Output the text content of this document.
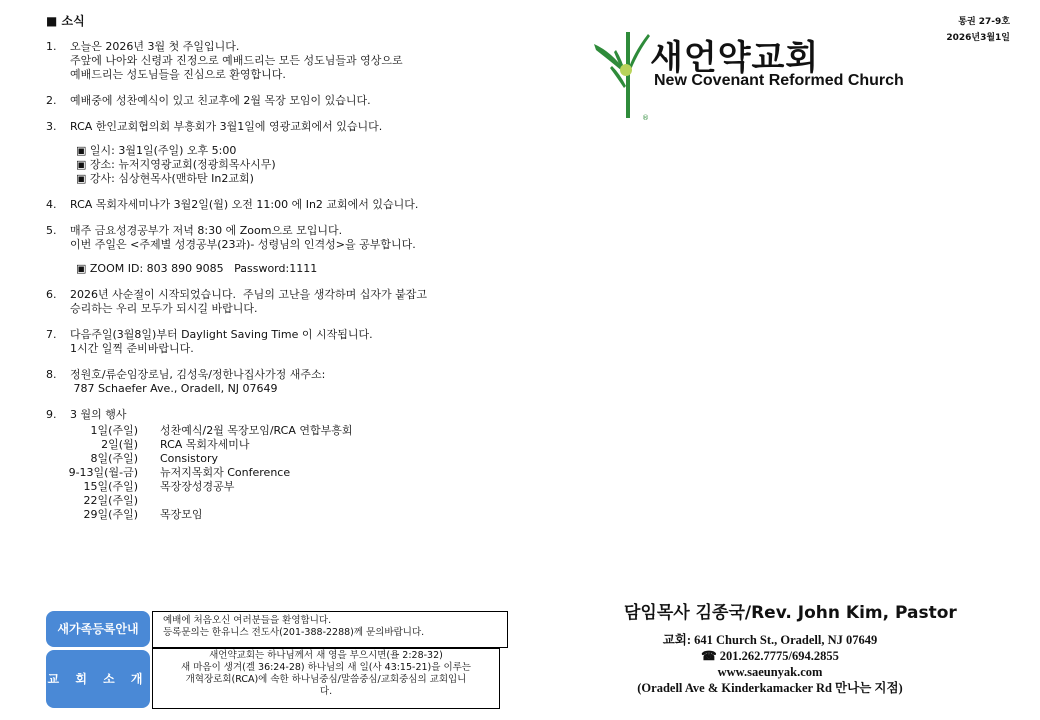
■ 소식
1.	오늘은 2026년 3월 첫 주일입니다.
주앞에 나아와 신령과 진정으로 예배드리는 모든 성도님들과 영상으로
예배드리는 성도님들을 진심으로 환영합니다.
2.	예배중에 성찬예식이 있고 친교후에 2월 목장 모임이 있습니다.
3.	RCA 한인교회협의회 부흥회가 3월1일에 영광교회에서 있습니다.
▣ 일시: 3월1일(주일) 오후 5:00
▣ 장소: 뉴저지영광교회(정광희목사시무)
▣ 강사: 심상현목사(맨하탄 In2교회)
4.	RCA 목회자세미나가 3월2일(월) 오전 11:00 에 In2 교회에서 있습니다.
5.	매주 금요성경공부가 저녁 8:30 에 Zoom으로 모입니다.
이번 주일은 <주제별 성경공부(23과)- 성령님의 인격성>을 공부합니다.
▣ ZOOM ID: 803 890 9085   Password:1111
6.	2026년 사순절이 시작되었습니다.  주님의 고난을 생각하며 십자가 붙잡고
승리하는 우리 모두가 되시길 바랍니다.
7.	다음주일(3월8일)부터 Daylight Saving Time 이 시작됩니다.
1시간 일찍 준비바랍니다.
8.	정원호/류순임장로님, 김성욱/정한나집사가정 새주소:
787 Schaefer Ave., Oradell, NJ 07649
9.	3 월의 행사
1일(주일)	성찬예식/2월 목장모임/RCA 연합부흥회
2일(월)	RCA 목회자세미나
8일(주일)	Consistory
9-13일(월-금)	뉴저지목회자 Conference
15일(주일)	목장장성경공부
22일(주일)
29일(주일)	목장모임
통권 27-9호
2026년3월1일
®
새언약교회
New Covenant Reformed Church
담임목사 김종국/Rev. John Kim, Pastor
교회: 641 Church St., Oradell, NJ 07649
☎ 201.262.7775/694.2855
www.saeunyak.com
(Oradell Ave & Kinderkamacker Rd 만나는 지점)
새가족등록안내
예배에 처음오신 여러분들을 환영합니다.
등록문의는 한유니스 전도사(201-388-2288)께 문의바랍니다.
교 회 소 개
새언약교회는 하나님께서 새 영을 부으시면(욜 2:28-32)
새 마음이 생겨(겔 36:24-28) 하나님의 새 일(사 43:15-21)을 이루는
개혁장로회(RCA)에 속한 하나님중심/말씀중심/교회중심의 교회입니
다.
